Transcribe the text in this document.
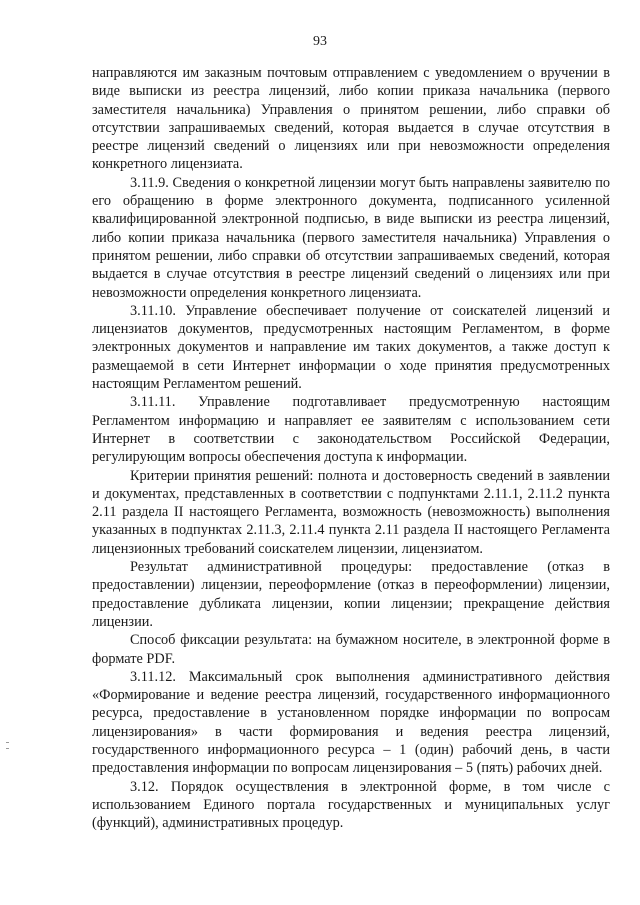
93

направляются им заказным почтовым отправлением с уведомлением о вручении в виде выписки из реестра лицензий, либо копии приказа начальника (первого заместителя начальника) Управления о принятом решении, либо справки об отсутствии запрашиваемых сведений, которая выдается в случае отсутствия в реестре лицензий сведений о лицензиях или при невозможности определения конкретного лицензиата.

3.11.9. Сведения о конкретной лицензии могут быть направлены заявителю по его обращению в форме электронного документа, подписанного усиленной квалифицированной электронной подписью, в виде выписки из реестра лицензий, либо копии приказа начальника (первого заместителя начальника) Управления о принятом решении, либо справки об отсутствии запрашиваемых сведений, которая выдается в случае отсутствия в реестре лицензий сведений о лицензиях или при невозможности определения конкретного лицензиата.

3.11.10. Управление обеспечивает получение от соискателей лицензий и лицензиатов документов, предусмотренных настоящим Регламентом, в форме электронных документов и направление им таких документов, а также доступ к размещаемой в сети Интернет информации о ходе принятия предусмотренных настоящим Регламентом решений.

3.11.11. Управление подготавливает предусмотренную настоящим Регламентом информацию и направляет ее заявителям с использованием сети Интернет в соответствии с законодательством Российской Федерации, регулирующим вопросы обеспечения доступа к информации.

Критерии принятия решений: полнота и достоверность сведений в заявлении и документах, представленных в соответствии с подпунктами 2.11.1, 2.11.2 пункта 2.11 раздела II настоящего Регламента, возможность (невозможность) выполнения указанных в подпунктах 2.11.3, 2.11.4 пункта 2.11 раздела II настоящего Регламента лицензионных требований соискателем лицензии, лицензиатом.

Результат административной процедуры: предоставление (отказ в предоставлении) лицензии, переоформление (отказ в переоформлении) лицензии, предоставление дубликата лицензии, копии лицензии; прекращение действия лицензии.

Способ фиксации результата: на бумажном носителе, в электронной форме в формате PDF.

3.11.12. Максимальный срок выполнения административного действия «Формирование и ведение реестра лицензий, государственного информационного ресурса, предоставление в установленном порядке информации по вопросам лицензирования» в части формирования и ведения реестра лицензий, государственного информационного ресурса – 1 (один) рабочий день, в части предоставления информации по вопросам лицензирования – 5 (пять) рабочих дней.

3.12. Порядок осуществления в электронной форме, в том числе с использованием Единого портала государственных и муниципальных услуг (функций), административных процедур.
